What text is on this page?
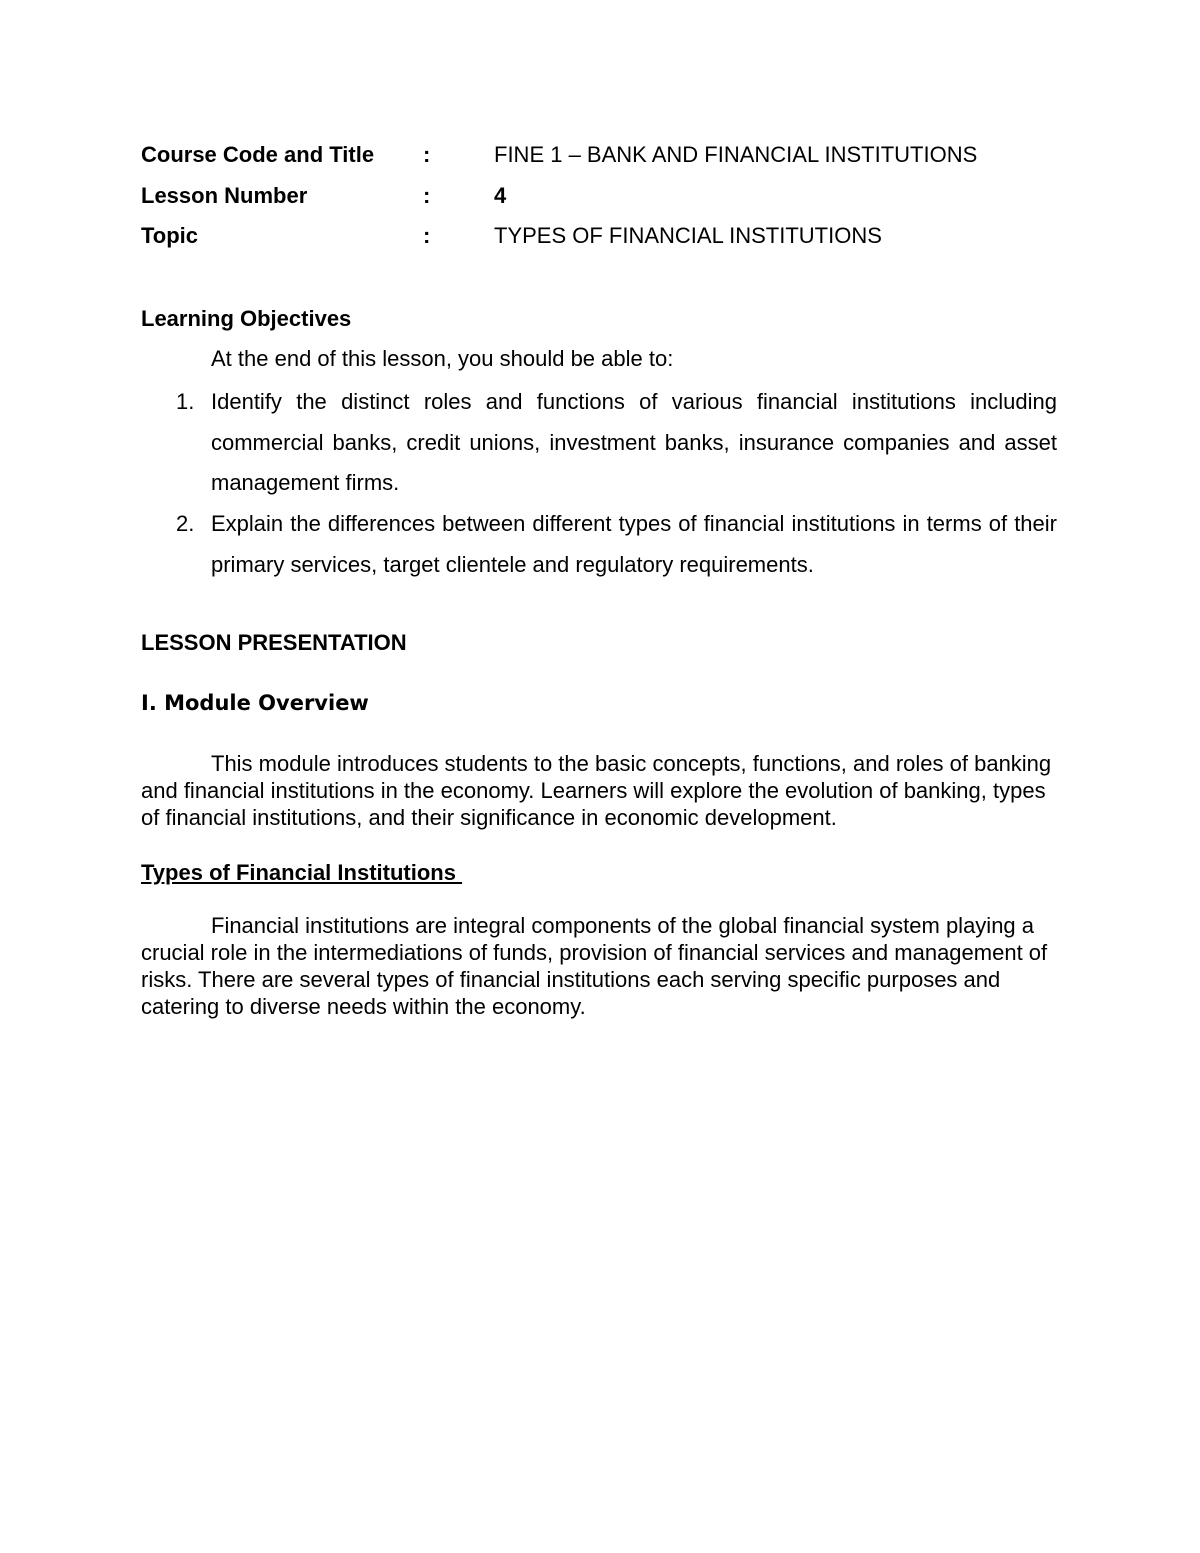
Course Code and Title :	FINE 1 – BANK AND FINANCIAL INSTITUTIONS
Lesson Number	:	4
Topic	:	TYPES OF FINANCIAL INSTITUTIONS
Learning Objectives
At the end of this lesson, you should be able to:
1. Identify the distinct roles and functions of various financial institutions including commercial banks, credit unions, investment banks, insurance companies and asset management firms.
2. Explain the differences between different types of financial institutions in terms of their primary services, target clientele and regulatory requirements.
LESSON PRESENTATION
I. Module Overview
This module introduces students to the basic concepts, functions, and roles of banking and financial institutions in the economy. Learners will explore the evolution of banking, types of financial institutions, and their significance in economic development.
Types of Financial Institutions
Financial institutions are integral components of the global financial system playing a crucial role in the intermediations of funds, provision of financial services and management of risks. There are several types of financial institutions each serving specific purposes and catering to diverse needs within the economy.
